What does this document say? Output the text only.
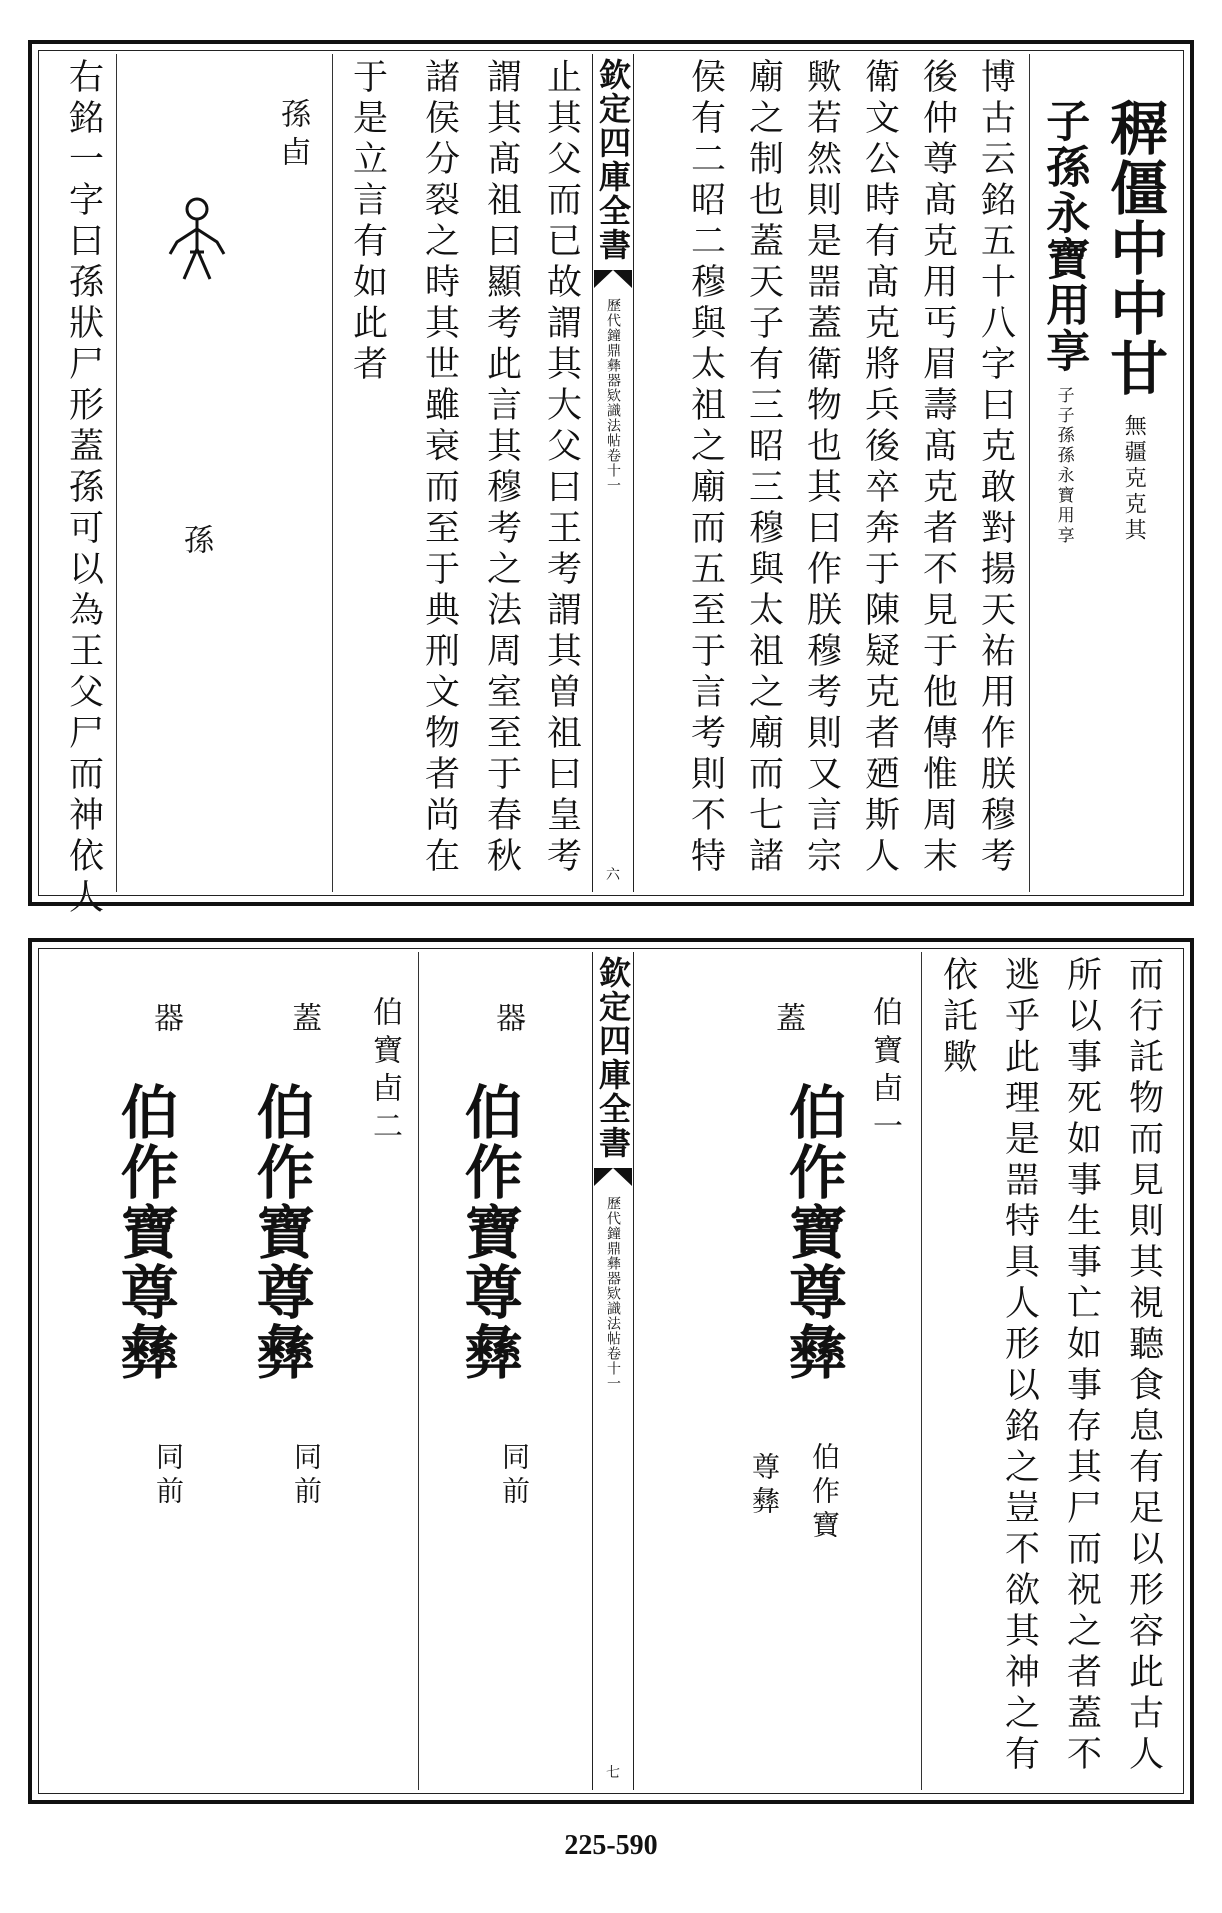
稺僵中中甘
無疆克克其
子孫永寶用享
子子孫孫永寶用享
博古云銘五十八字曰克敢對揚天祐用作朕穆考
後仲尊髙克用丐眉壽髙克者不見于他傳惟周末
衛文公時有髙克將兵後卒奔于陳疑克者廼斯人
歟若然則是噐蓋衛物也其曰作朕穆考則又言宗
廟之制也蓋天子有三昭三穆與太祖之廟而七諸
侯有二昭二穆與太祖之廟而五至于言考則不特
欽定四庫全書
歷代鐘鼎彝器欵識法帖
卷十一
六
止其父而已故謂其大父曰王考謂其曽祖曰皇考
謂其髙祖曰顯考此言其穆考之法周室至于春秋
諸侯分裂之時其世雖衰而至于典刑文物者尚在
于是立言有如此者
孫卣
孫
右銘一字曰孫狀尸形蓋孫可以為王父尸而神依人
而行託物而見則其視聽食息有足以形容此古人
所以事死如事生事亡如事存其尸而祝之者蓋不
逃乎此理是噐特具人形以銘之豈不欲其神之有
依託歟
伯寶卣一
蓋
伯作寶尊彝
伯作寶
尊彝
欽定四庫全書
歷代鐘鼎彝器欵識法帖
卷十一
七
器
伯作寶尊彝
同前
伯寶卣二
蓋
伯作寶尊彝
同前
器
伯作寶尊彝
同前
225-590
